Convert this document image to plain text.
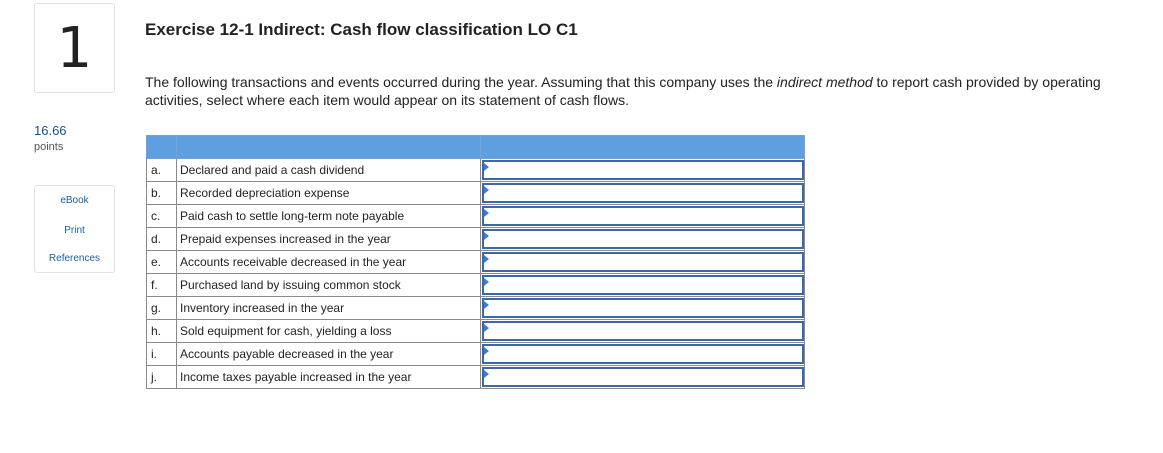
1
16.66
points
eBook
Print
References
Exercise 12-1 Indirect: Cash flow classification LO C1

The following transactions and events occurred during the year. Assuming that this company uses the indirect method to report cash provided by operating activities, select where each item would appear on its statement of cash flows.

a.	Declared and paid a cash dividend	

b.	Recorded depreciation expense	

c.	Paid cash to settle long-term note payable	

d.	Prepaid expenses increased in the year	

e.	Accounts receivable decreased in the year	

f.	Purchased land by issuing common stock	

g.	Inventory increased in the year	

h.	Sold equipment for cash, yielding a loss	

i.	Accounts payable decreased in the year	

j.	Income taxes payable increased in the year	
